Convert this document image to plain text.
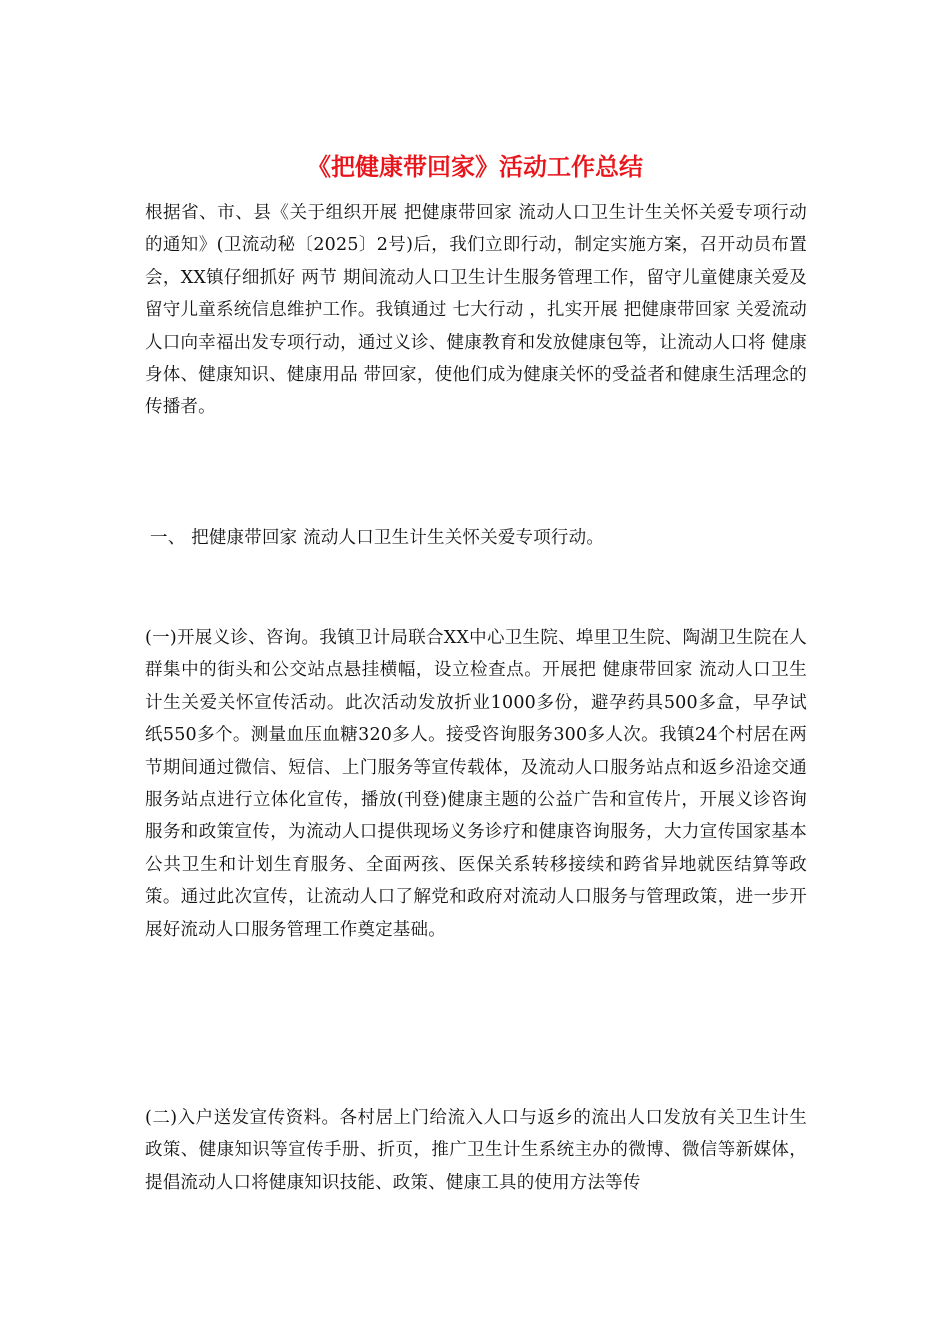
《把健康带回家》活动工作总结

根据省、市、县《关于组织开展 把健康带回家 流动人口卫生计生关怀关爱专项行动的通知》(卫流动秘〔2025〕2号)后，我们立即行动，制定实施方案，召开动员布置会，XX镇仔细抓好 两节 期间流动人口卫生计生服务管理工作，留守儿童健康关爱及留守儿童系统信息维护工作。我镇通过 七大行动 ，扎实开展 把健康带回家 关爱流动人口向幸福出发专项行动，通过义诊、健康教育和发放健康包等，让流动人口将 健康身体、健康知识、健康用品 带回家，使他们成为健康关怀的受益者和健康生活理念的传播者。

一、 把健康带回家 流动人口卫生计生关怀关爱专项行动。

(一)开展义诊、咨询。我镇卫计局联合XX中心卫生院、埠里卫生院、陶湖卫生院在人群集中的街头和公交站点悬挂横幅，设立检查点。开展把 健康带回家 流动人口卫生计生关爱关怀宣传活动。此次活动发放折业1000多份，避孕药具500多盒，早孕试纸550多个。测量血压血糖320多人。接受咨询服务300多人次。我镇24个村居在两节期间通过微信、短信、上门服务等宣传载体，及流动人口服务站点和返乡沿途交通服务站点进行立体化宣传，播放(刊登)健康主题的公益广告和宣传片，开展义诊咨询服务和政策宣传，为流动人口提供现场义务诊疗和健康咨询服务，大力宣传国家基本公共卫生和计划生育服务、全面两孩、医保关系转移接续和跨省异地就医结算等政策。通过此次宣传，让流动人口了解党和政府对流动人口服务与管理政策，进一步开展好流动人口服务管理工作奠定基础。

(二)入户送发宣传资料。各村居上门给流入人口与返乡的流出人口发放有关卫生计生政策、健康知识等宣传手册、折页，推广卫生计生系统主办的微博、微信等新媒体，提倡流动人口将健康知识技能、政策、健康工具的使用方法等传
